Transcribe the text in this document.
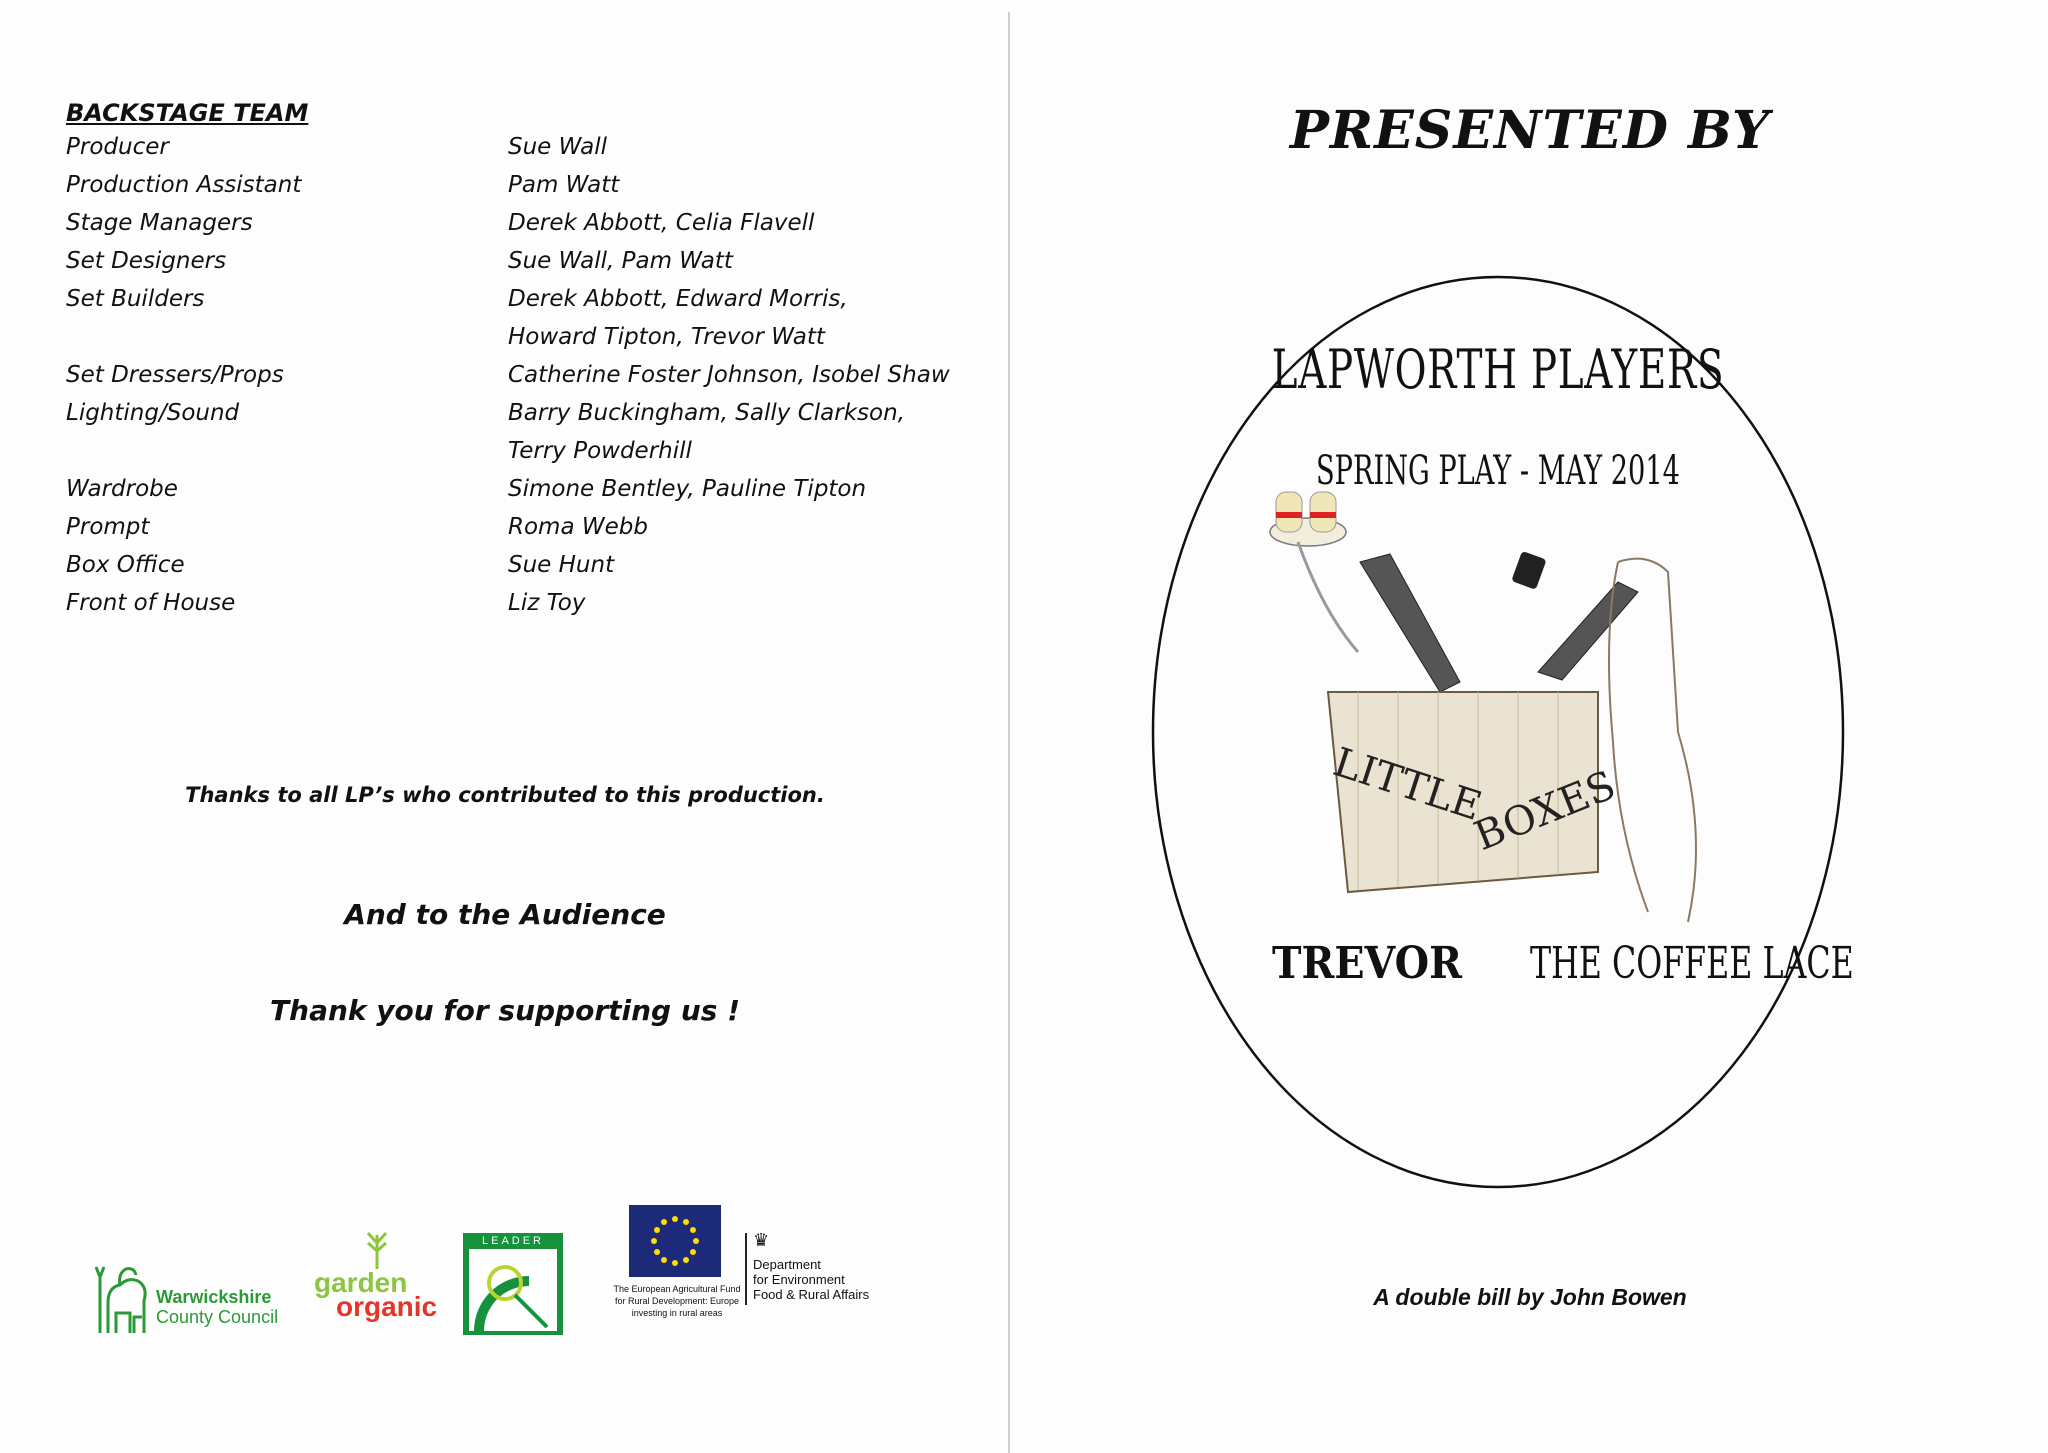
BACKSTAGE TEAM
Producer	Sue Wall
Production Assistant	Pam Watt
Stage Managers	Derek Abbott, Celia Flavell
Set Designers	Sue Wall, Pam Watt
Set Builders	Derek Abbott, Edward Morris,
Howard Tipton, Trevor Watt
Set Dressers/Props	Catherine Foster Johnson, Isobel Shaw
Lighting/Sound	Barry Buckingham, Sally Clarkson,
Terry Powderhill
Wardrobe	Simone Bentley, Pauline Tipton
Prompt	Roma Webb
Box Office	Sue Hunt
Front of House	Liz Toy
Thanks to all LP’s who contributed to this production.
And to the Audience
Thank you for supporting us !
Warwickshire
County Council
garden
organic
LEADER
The European Agricultural Fund for Rural Development: Europe investing in rural areas
♛
Department
for Environment
Food & Rural Affairs
PRESENTED BY
LITTLE
BOXES
LAPWORTH PLAYERS
SPRING PLAY - MAY 2014
TREVOR THE COFFEE LACE
A double bill by John Bowen
